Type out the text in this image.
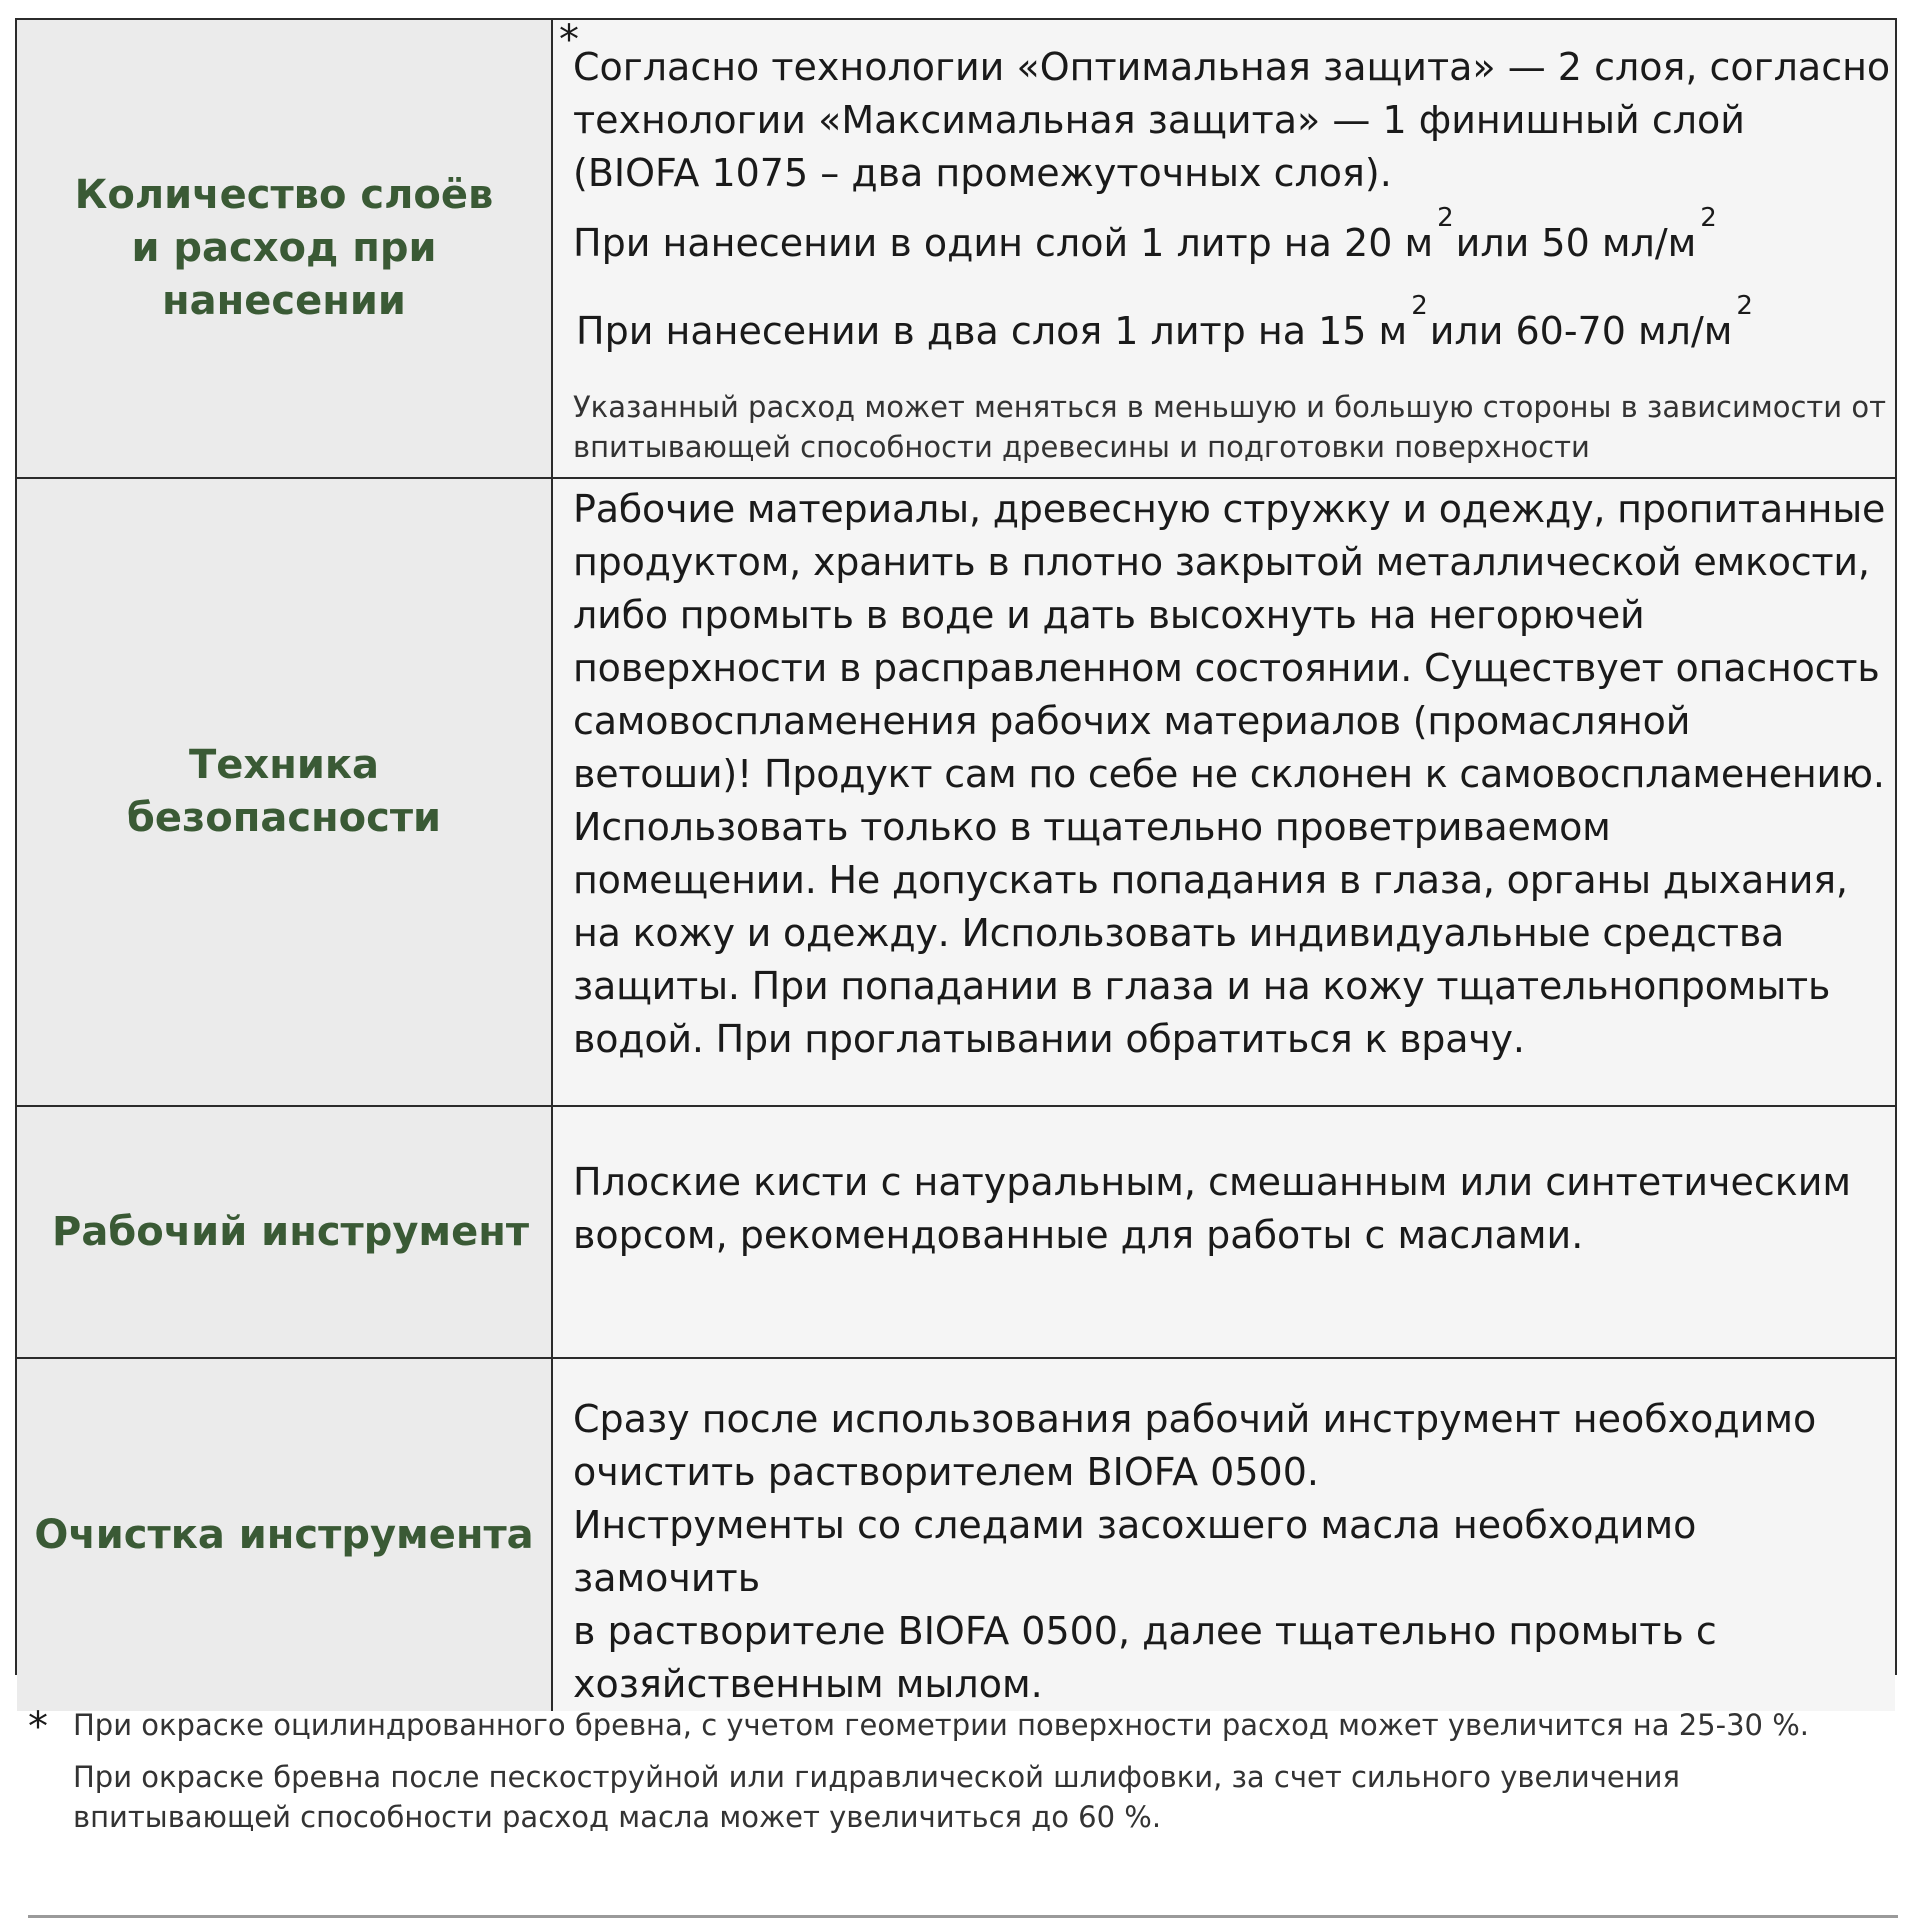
Количество слоёв
и расход при нанесении
*
Согласно технологии «Оптимальная защита» — 2 слоя, согласно
технологии «Максимальная защита» — 1 финишный слой
(BIOFA 1075 – два промежуточных слоя).
При нанесении в один слой 1 литр на 20 $м^2или$ 50 $мл/м^2$
При нанесении в два слоя 1 литр на 15 $м^2или$ 60-70 $мл/м^2$
Указанный расход может меняться в меньшую и большую стороны в зависимости от
впитывающей способности древесины и подготовки поверхности
Техника безопасности
Рабочие материалы, древесную стружку и одежду, пропитанные
продуктом, хранить в плотно закрытой металлической емкости,
либо промыть в воде и дать высохнуть на негорючей
поверхности в расправленном состоянии. Существует опасность
самовоспламенения рабочих материалов (промасляной
ветоши)! Продукт сам по себе не склонен к самовоспламенению.
Использовать только в тщательно проветриваемом
помещении. Не допускать попадания в глаза, органы дыхания,
на кожу и одежду. Использовать индивидуальные средства
защиты. При попадании в глаза и на кожу тщательнопромыть
водой. При проглатывании обратиться к врачу.
Рабочий инструмент
Плоские кисти с натуральным, смешанным или синтетическим
ворсом, рекомендованные для работы с маслами.
Очистка инструмента
Сразу после использования рабочий инструмент необходимо
очистить растворителем BIOFA 0500.
Инструменты со следами засохшего масла необходимо замочить
в растворителе BIOFA 0500, далее тщательно промыть с
хозяйственным мылом.
* При окраске оцилиндрованного бревна, с учетом геометрии поверхности расход может увеличится на 25-30 %.
При окраске бревна после пескоструйной или гидравлической шлифовки, за счет сильного увеличения
впитывающей способности расход масла может увеличиться до 60 %.
